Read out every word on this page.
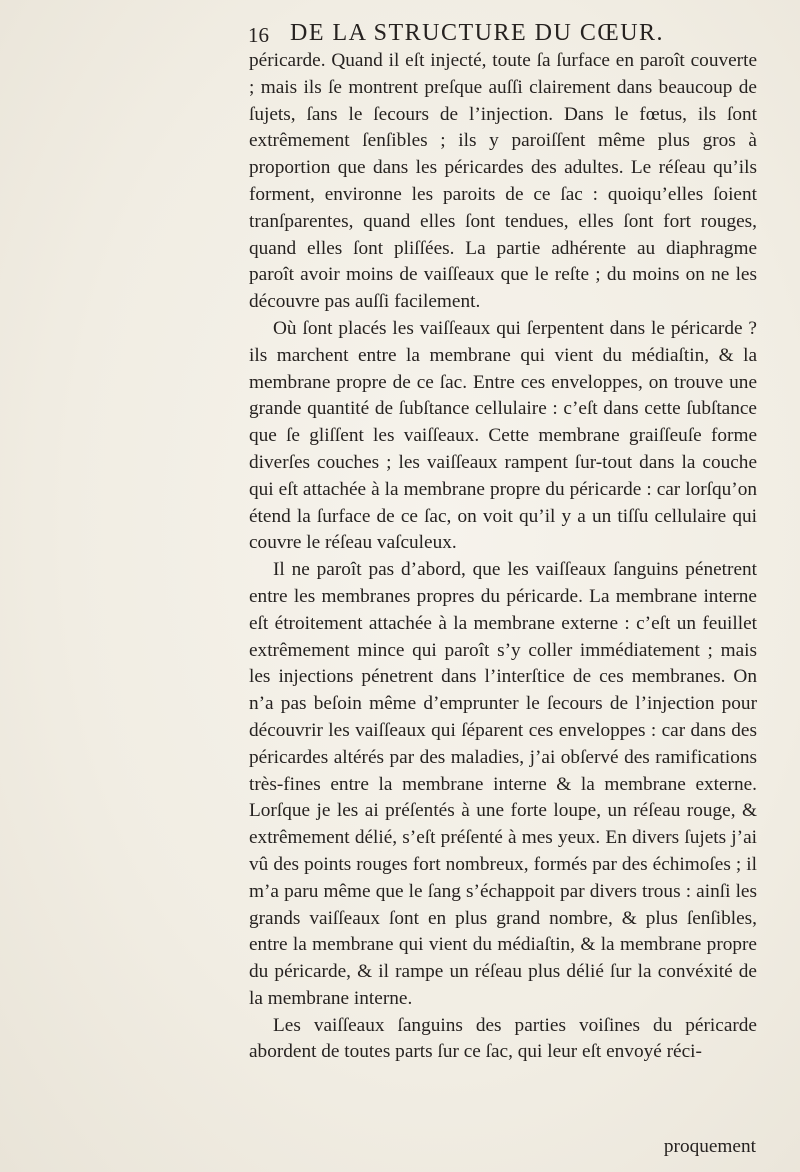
16 DE LA STRUCTURE DU CŒUR.

péricarde. Quand il eſt injecté, toute ſa ſurface en paroît couverte ; mais ils ſe montrent preſque auſſi clairement dans beaucoup de ſujets, ſans le ſecours de l’injection. Dans le fœtus, ils ſont extrêmement ſenſibles ; ils y paroiſſent même plus gros à proportion que dans les péricardes des adultes. Le réſeau qu’ils forment, environne les paroits de ce ſac : quoiqu’elles ſoient tranſparentes, quand elles ſont tendues, elles ſont fort rouges, quand elles ſont pliſſées. La partie adhérente au diaphragme paroît avoir moins de vaiſſeaux que le reſte ; du moins on ne les découvre pas auſſi facilement.

Où ſont placés les vaiſſeaux qui ſerpentent dans le péricarde ? ils marchent entre la membrane qui vient du médiaſtin, & la membrane propre de ce ſac. Entre ces enveloppes, on trouve une grande quantité de ſubſtance cellulaire : c’eſt dans cette ſubſtance que ſe gliſſent les vaiſſeaux. Cette membrane graiſſeuſe forme diverſes couches ; les vaiſſeaux rampent ſur-tout dans la couche qui eſt attachée à la membrane propre du péricarde : car lorſqu’on étend la ſurface de ce ſac, on voit qu’il y a un tiſſu cellulaire qui couvre le réſeau vaſculeux.

Il ne paroît pas d’abord, que les vaiſſeaux ſanguins pénetrent entre les membranes propres du péricarde. La membrane interne eſt étroitement attachée à la membrane externe : c’eſt un feuillet extrêmement mince qui paroît s’y coller immédiatement ; mais les injections pénetrent dans l’interſtice de ces membranes. On n’a pas beſoin même d’emprunter le ſecours de l’injection pour découvrir les vaiſſeaux qui ſéparent ces enveloppes : car dans des péricardes altérés par des maladies, j’ai obſervé des ramifications très-fines entre la membrane interne & la membrane externe. Lorſque je les ai préſentés à une forte loupe, un réſeau rouge, & extrêmement délié, s’eſt préſenté à mes yeux. En divers ſujets j’ai vû des points rouges fort nombreux, formés par des échimoſes ; il m’a paru même que le ſang s’échappoit par divers trous : ainſi les grands vaiſſeaux ſont en plus grand nombre, & plus ſenſibles, entre la membrane qui vient du médiaſtin, & la membrane propre du péricarde, & il rampe un réſeau plus délié ſur la convéxité de la membrane interne.

Les vaiſſeaux ſanguins des parties voiſines du péricarde abordent de toutes parts ſur ce ſac, qui leur eſt envoyé réci-

proquement
